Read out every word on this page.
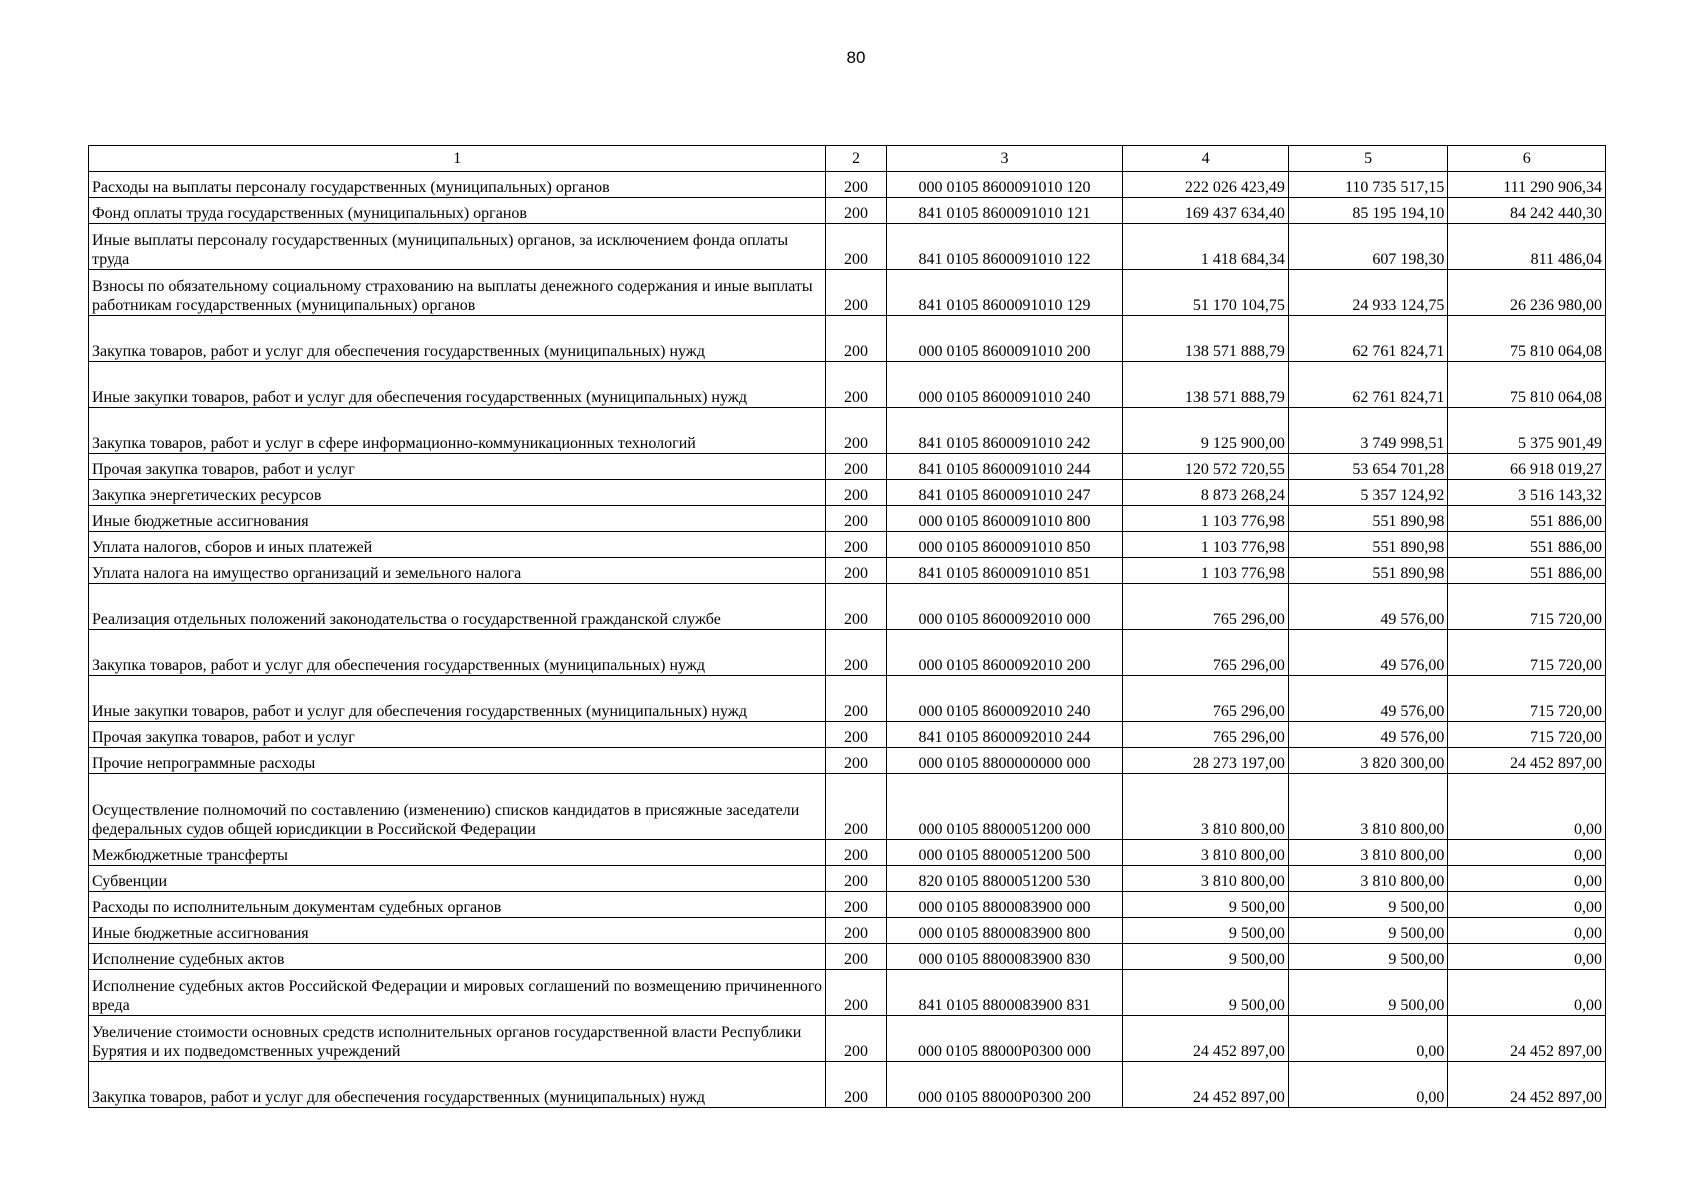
80
1	2	3	4	5	6
Расходы на выплаты персоналу государственных (муниципальных) органов	200	000 0105 8600091010 120	222 026 423,49	110 735 517,15	111 290 906,34
Фонд оплаты труда государственных (муниципальных) органов	200	841 0105 8600091010 121	169 437 634,40	85 195 194,10	84 242 440,30
Иные выплаты персоналу государственных (муниципальных) органов, за исключением фонда оплаты труда	200	841 0105 8600091010 122	1 418 684,34	607 198,30	811 486,04
Взносы по обязательному социальному страхованию на выплаты денежного содержания и иные выплаты работникам государственных (муниципальных) органов	200	841 0105 8600091010 129	51 170 104,75	24 933 124,75	26 236 980,00
Закупка товаров, работ и услуг для обеспечения государственных (муниципальных) нужд	200	000 0105 8600091010 200	138 571 888,79	62 761 824,71	75 810 064,08
Иные закупки товаров, работ и услуг для обеспечения государственных (муниципальных) нужд	200	000 0105 8600091010 240	138 571 888,79	62 761 824,71	75 810 064,08
Закупка товаров, работ и услуг в сфере информационно-коммуникационных технологий	200	841 0105 8600091010 242	9 125 900,00	3 749 998,51	5 375 901,49
Прочая закупка товаров, работ и услуг	200	841 0105 8600091010 244	120 572 720,55	53 654 701,28	66 918 019,27
Закупка энергетических ресурсов	200	841 0105 8600091010 247	8 873 268,24	5 357 124,92	3 516 143,32
Иные бюджетные ассигнования	200	000 0105 8600091010 800	1 103 776,98	551 890,98	551 886,00
Уплата налогов, сборов и иных платежей	200	000 0105 8600091010 850	1 103 776,98	551 890,98	551 886,00
Уплата налога на имущество организаций и земельного налога	200	841 0105 8600091010 851	1 103 776,98	551 890,98	551 886,00
Реализация отдельных положений законодательства о государственной гражданской службе	200	000 0105 8600092010 000	765 296,00	49 576,00	715 720,00
Закупка товаров, работ и услуг для обеспечения государственных (муниципальных) нужд	200	000 0105 8600092010 200	765 296,00	49 576,00	715 720,00
Иные закупки товаров, работ и услуг для обеспечения государственных (муниципальных) нужд	200	000 0105 8600092010 240	765 296,00	49 576,00	715 720,00
Прочая закупка товаров, работ и услуг	200	841 0105 8600092010 244	765 296,00	49 576,00	715 720,00
Прочие непрограммные расходы	200	000 0105 8800000000 000	28 273 197,00	3 820 300,00	24 452 897,00
Осуществление полномочий по составлению (изменению) списков кандидатов в присяжные заседатели федеральных судов общей юрисдикции в Российской Федерации	200	000 0105 8800051200 000	3 810 800,00	3 810 800,00	0,00
Межбюджетные трансферты	200	000 0105 8800051200 500	3 810 800,00	3 810 800,00	0,00
Субвенции	200	820 0105 8800051200 530	3 810 800,00	3 810 800,00	0,00
Расходы по исполнительным документам судебных органов	200	000 0105 8800083900 000	9 500,00	9 500,00	0,00
Иные бюджетные ассигнования	200	000 0105 8800083900 800	9 500,00	9 500,00	0,00
Исполнение судебных актов	200	000 0105 8800083900 830	9 500,00	9 500,00	0,00
Исполнение судебных актов Российской Федерации и мировых соглашений по возмещению причиненного вреда	200	841 0105 8800083900 831	9 500,00	9 500,00	0,00
Увеличение стоимости основных средств исполнительных органов государственной власти Республики Бурятия и их подведомственных учреждений	200	000 0105 88000P0300 000	24 452 897,00	0,00	24 452 897,00
Закупка товаров, работ и услуг для обеспечения государственных (муниципальных) нужд	200	000 0105 88000P0300 200	24 452 897,00	0,00	24 452 897,00
